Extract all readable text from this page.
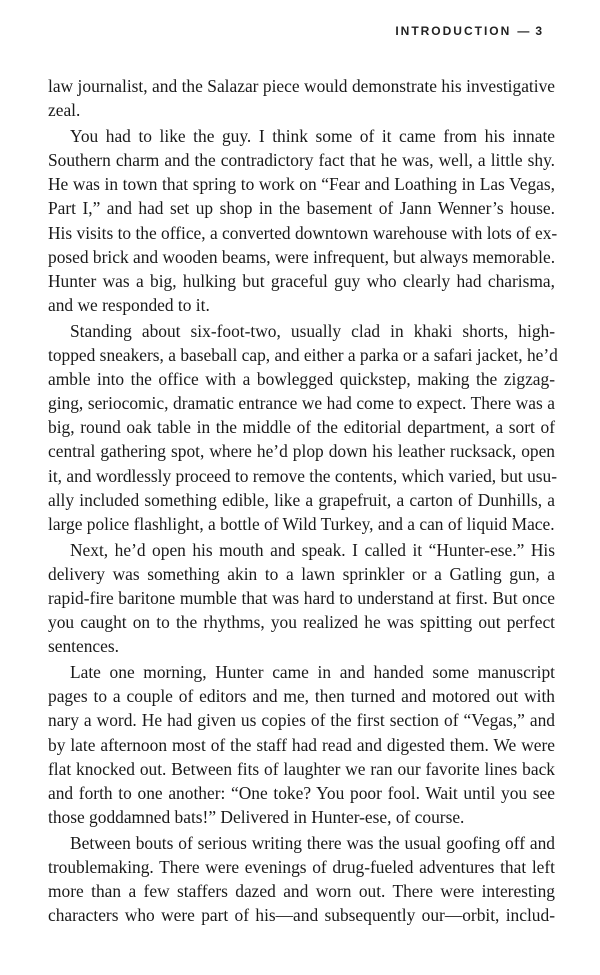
INTRODUCTION — 3
law journalist, and the Salazar piece would demonstrate his investigative
zeal.
You had to like the guy. I think some of it came from his innate
Southern charm and the contradictory fact that he was, well, a little shy.
He was in town that spring to work on “Fear and Loathing in Las Vegas,
Part I,” and had set up shop in the basement of Jann Wenner’s house.
His visits to the office, a converted downtown warehouse with lots of ex-
posed brick and wooden beams, were infrequent, but always memorable.
Hunter was a big, hulking but graceful guy who clearly had charisma,
and we responded to it.
Standing about six-foot-two, usually clad in khaki shorts, high-
topped sneakers, a baseball cap, and either a parka or a safari jacket, he’d
amble into the office with a bowlegged quickstep, making the zigzag-
ging, seriocomic, dramatic entrance we had come to expect. There was a
big, round oak table in the middle of the editorial department, a sort of
central gathering spot, where he’d plop down his leather rucksack, open
it, and wordlessly proceed to remove the contents, which varied, but usu-
ally included something edible, like a grapefruit, a carton of Dunhills, a
large police flashlight, a bottle of Wild Turkey, and a can of liquid Mace.
Next, he’d open his mouth and speak. I called it “Hunter-ese.” His
delivery was something akin to a lawn sprinkler or a Gatling gun, a
rapid-fire baritone mumble that was hard to understand at first. But once
you caught on to the rhythms, you realized he was spitting out perfect
sentences.
Late one morning, Hunter came in and handed some manuscript
pages to a couple of editors and me, then turned and motored out with
nary a word. He had given us copies of the first section of “Vegas,” and
by late afternoon most of the staff had read and digested them. We were
flat knocked out. Between fits of laughter we ran our favorite lines back
and forth to one another: “One toke? You poor fool. Wait until you see
those goddamned bats!” Delivered in Hunter-ese, of course.
Between bouts of serious writing there was the usual goofing off and
troublemaking. There were evenings of drug-fueled adventures that left
more than a few staffers dazed and worn out. There were interesting
characters who were part of his—and subsequently our—orbit, includ-
